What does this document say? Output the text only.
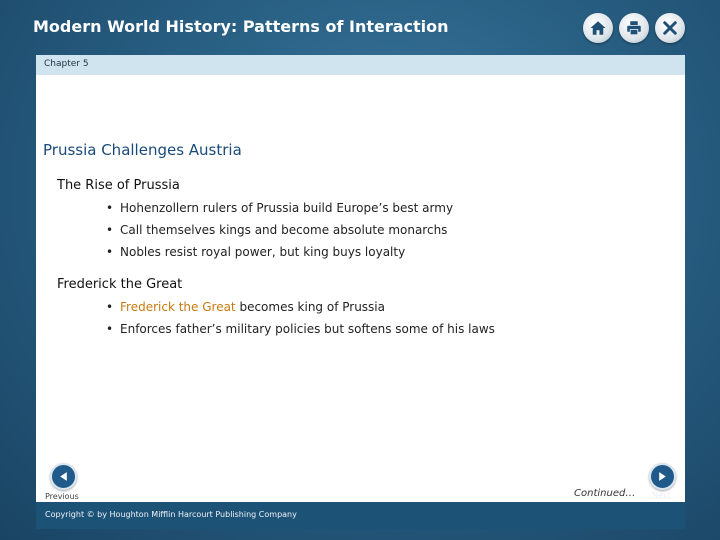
Modern World History: Patterns of Interaction
Chapter 5
Prussia Challenges Austria
The Rise of Prussia
• Hohenzollern rulers of Prussia build Europe’s best army
• Call themselves kings and become absolute monarchs
• Nobles resist royal power, but king buys loyalty
Frederick the Great
• Frederick the Great becomes king of Prussia
• Enforces father’s military policies but softens some of his laws
Previous	Continued… Next
Copyright © by Houghton Mifflin Harcourt Publishing Company
